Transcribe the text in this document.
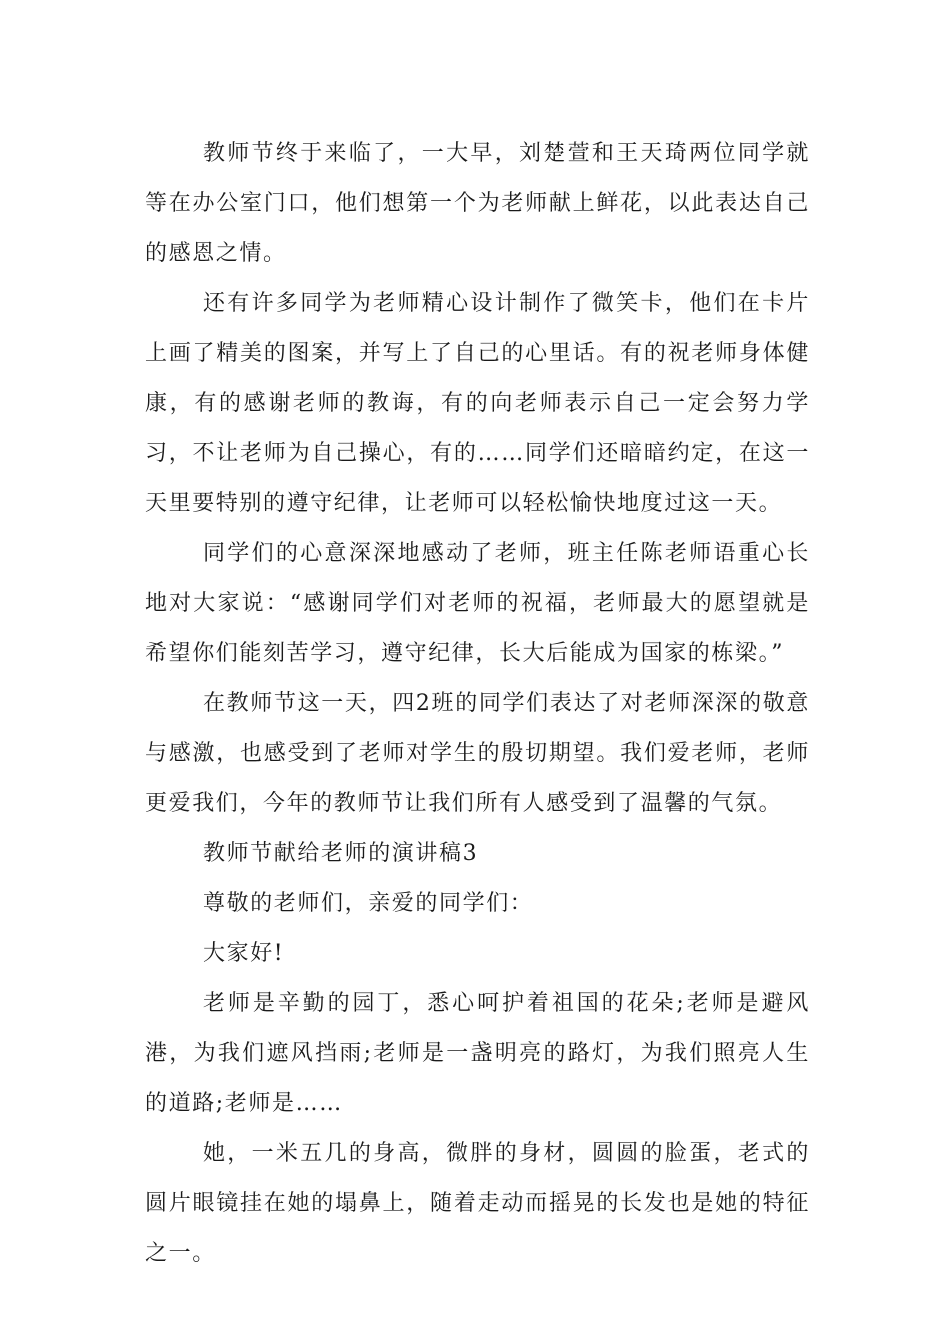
教师节终于来临了，一大早，刘楚萱和王天琦两位同学就等在办公室门口，他们想第一个为老师献上鲜花，以此表达自己的感恩之情。

还有许多同学为老师精心设计制作了微笑卡，他们在卡片上画了精美的图案，并写上了自己的心里话。有的祝老师身体健康，有的感谢老师的教诲，有的向老师表示自己一定会努力学习，不让老师为自己操心，有的……同学们还暗暗约定，在这一天里要特别的遵守纪律，让老师可以轻松愉快地度过这一天。

同学们的心意深深地感动了老师，班主任陈老师语重心长地对大家说：“感谢同学们对老师的祝福，老师最大的愿望就是希望你们能刻苦学习，遵守纪律，长大后能成为国家的栋梁。”

在教师节这一天，四2班的同学们表达了对老师深深的敬意与感激，也感受到了老师对学生的殷切期望。我们爱老师，老师更爱我们，今年的教师节让我们所有人感受到了温馨的气氛。

教师节献给老师的演讲稿3

尊敬的老师们，亲爱的同学们：

大家好!

老师是辛勤的园丁，悉心呵护着祖国的花朵;老师是避风港，为我们遮风挡雨;老师是一盏明亮的路灯，为我们照亮人生的道路;老师是……

她，一米五几的身高，微胖的身材，圆圆的脸蛋，老式的圆片眼镜挂在她的塌鼻上，随着走动而摇晃的长发也是她的特征之一。
